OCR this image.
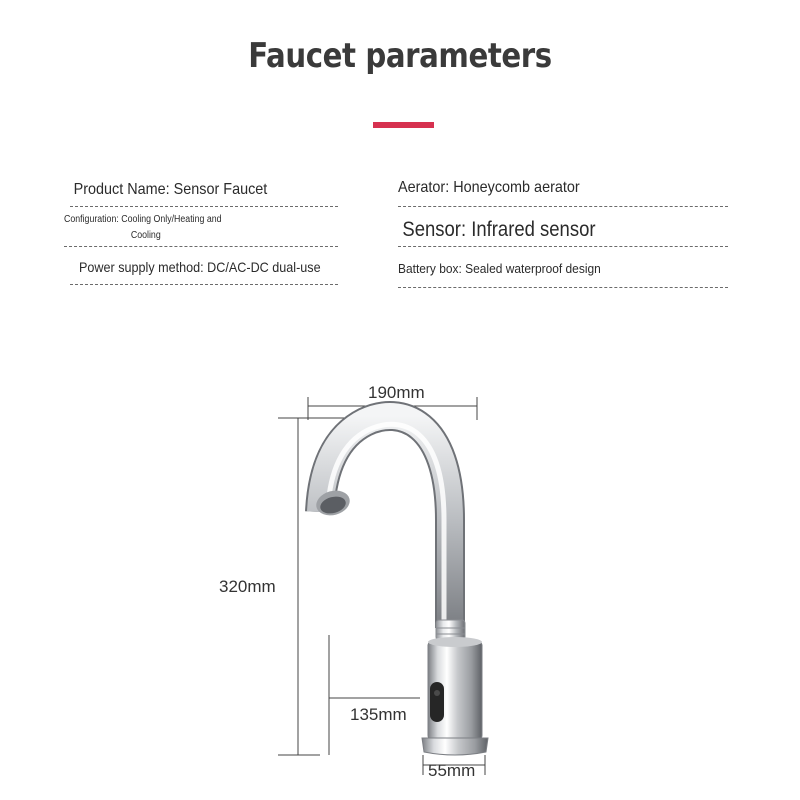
Faucet parameters
Product Name: Sensor Faucet
Configuration: Cooling Only/Heating and
Cooling
Power supply method: DC/AC-DC dual-use
Aerator: Honeycomb aerator
Sensor: Infrared sensor
Battery box: Sealed waterproof design
190mm
320mm
135mm
55mm
